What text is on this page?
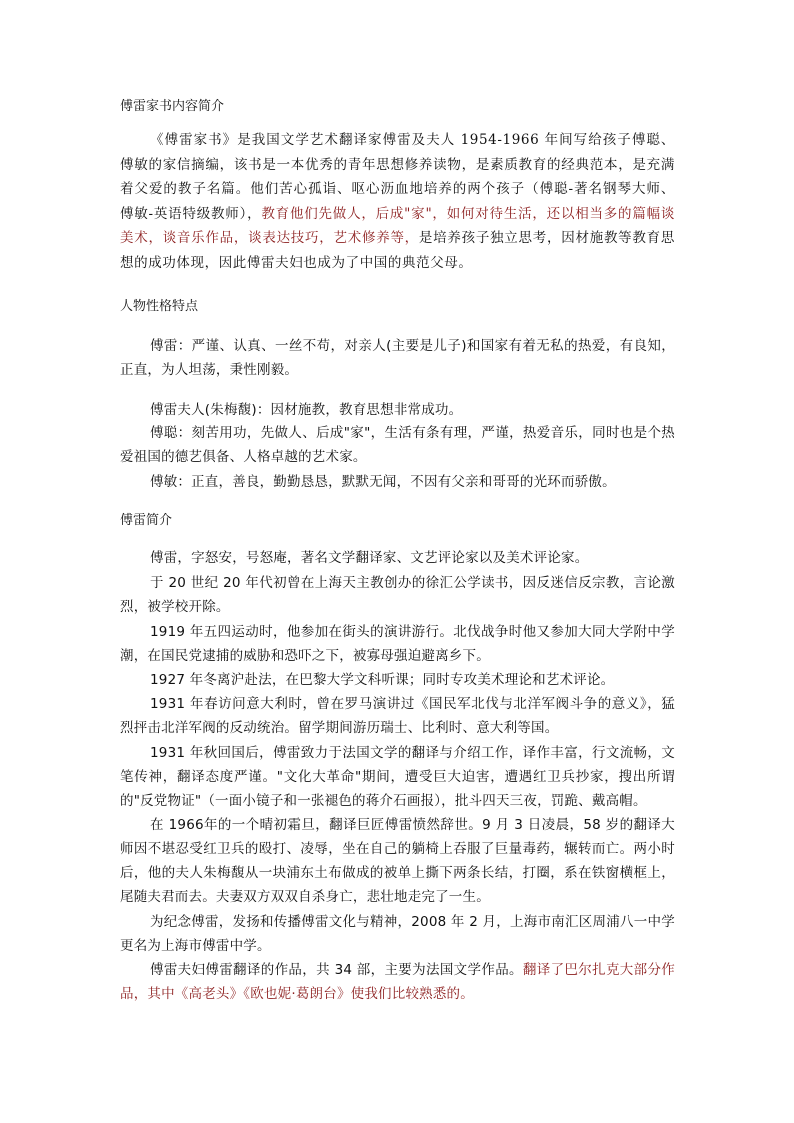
傅雷家书内容简介
《傅雷家书》是我国文学艺术翻译家傅雷及夫人 1954-1966 年间写给孩子傅聪、傅敏的家信摘编，该书是一本优秀的青年思想修养读物，是素质教育的经典范本，是充满着父爱的教子名篇。他们苦心孤诣、呕心沥血地培养的两个孩子（傅聪-著名钢琴大师、傅敏-英语特级教师），教育他们先做人，后成"家"，如何对待生活，还以相当多的篇幅谈美术，谈音乐作品，谈表达技巧，艺术修养等，是培养孩子独立思考，因材施教等教育思想的成功体现，因此傅雷夫妇也成为了中国的典范父母。
人物性格特点
傅雷：严谨、认真、一丝不苟，对亲人(主要是儿子)和国家有着无私的热爱，有良知，正直，为人坦荡，秉性刚毅。
傅雷夫人(朱梅馥)：因材施教，教育思想非常成功。
傅聪：刻苦用功，先做人、后成"家"，生活有条有理，严谨，热爱音乐，同时也是个热爱祖国的德艺俱备、人格卓越的艺术家。
傅敏：正直，善良，勤勤恳恳，默默无闻，不因有父亲和哥哥的光环而骄傲。
傅雷简介
傅雷，字怒安，号怒庵，著名文学翻译家、文艺评论家以及美术评论家。
于 20 世纪 20 年代初曾在上海天主教创办的徐汇公学读书，因反迷信反宗教，言论激烈，被学校开除。
1919 年五四运动时，他参加在街头的演讲游行。北伐战争时他又参加大同大学附中学潮，在国民党逮捕的威胁和恐吓之下，被寡母强迫避离乡下。
1927 年冬离沪赴法，在巴黎大学文科听课；同时专攻美术理论和艺术评论。
1931 年春访问意大利时，曾在罗马演讲过《国民军北伐与北洋军阀斗争的意义》，猛烈抨击北洋军阀的反动统治。留学期间游历瑞士、比利时、意大利等国。
1931 年秋回国后，傅雷致力于法国文学的翻译与介绍工作，译作丰富，行文流畅，文笔传神，翻译态度严谨。"文化大革命"期间，遭受巨大迫害，遭遇红卫兵抄家，搜出所谓的"反党物证"（一面小镜子和一张褪色的蒋介石画报），批斗四天三夜，罚跪、戴高帽。
在 1966年的一个晴初霜旦，翻译巨匠傅雷愤然辞世。9 月 3 日凌晨，58 岁的翻译大师因不堪忍受红卫兵的殴打、凌辱，坐在自己的躺椅上吞服了巨量毒药，辗转而亡。两小时后，他的夫人朱梅馥从一块浦东土布做成的被单上撕下两条长结，打圈，系在铁窗横框上，尾随夫君而去。夫妻双方双双自杀身亡，悲壮地走完了一生。
为纪念傅雷，发扬和传播傅雷文化与精神，2008 年 2 月，上海市南汇区周浦八一中学更名为上海市傅雷中学。
傅雷夫妇傅雷翻译的作品，共 34 部，主要为法国文学作品。翻译了巴尔扎克大部分作品，其中《高老头》《欧也妮·葛朗台》使我们比较熟悉的。
